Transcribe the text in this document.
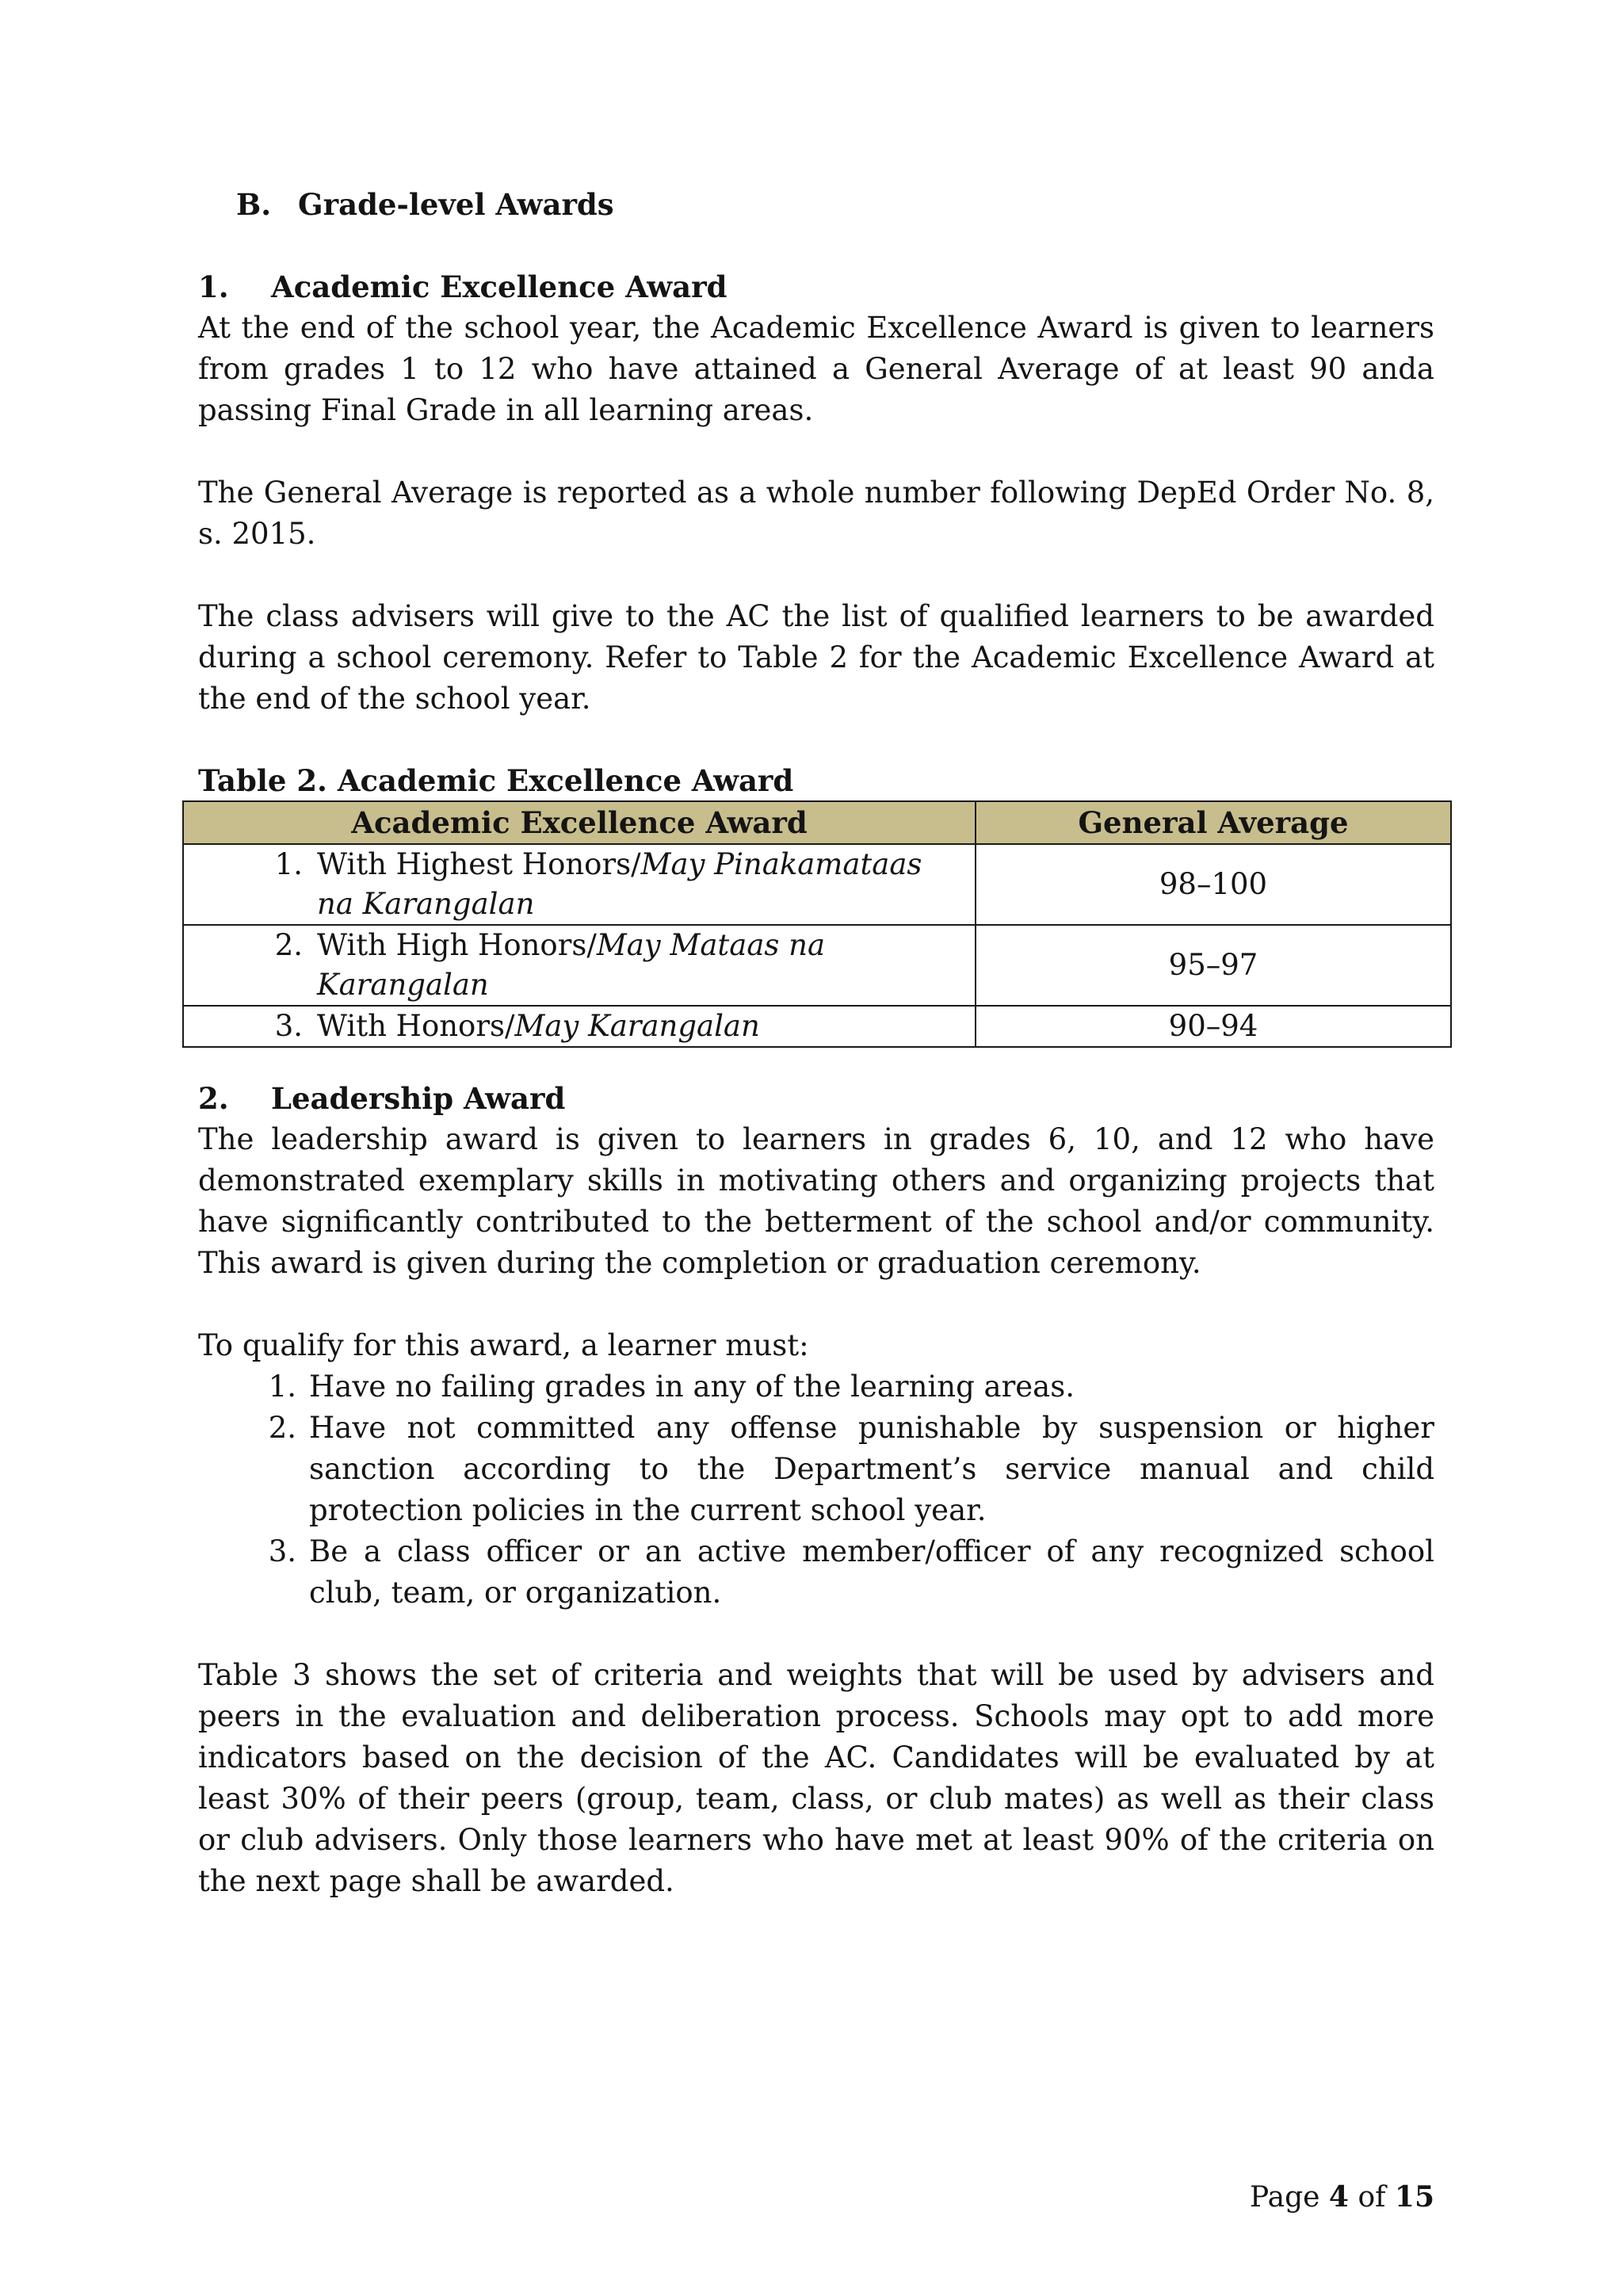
B. Grade-level Awards
1. Academic Excellence Award

At the end of the school year, the Academic Excellence Award is given to learners from grades 1 to 12 who have attained a General Average of at least 90 anda passing Final Grade in all learning areas.

The General Average is reported as a whole number following DepEd Order No. 8, s. 2015.

The class advisers will give to the AC the list of qualified learners to be awarded during a school ceremony. Refer to Table 2 for the Academic Excellence Award at the end of the school year.

Table 2. Academic Excellence Award
Academic Excellence Award	General Average

1. With Highest Honors/May Pinakamataas na Karangalan	98–100

2. With High Honors/May Mataas na Karangalan	95–97

3. With Honors/May Karangalan	90–94
2. Leadership Award

The leadership award is given to learners in grades 6, 10, and 12 who have demonstrated exemplary skills in motivating others and organizing projects that have significantly contributed to the betterment of the school and/or community. This award is given during the completion or graduation ceremony.

To qualify for this award, a learner must:

1. Have no failing grades in any of the learning areas.
2. Have not committed any offense punishable by suspension or higher sanction according to the Department’s service manual and child protection policies in the current school year.
3. Be a class officer or an active member/officer of any recognized school club, team, or organization.

Table 3 shows the set of criteria and weights that will be used by advisers and peers in the evaluation and deliberation process. Schools may opt to add more indicators based on the decision of the AC. Candidates will be evaluated by at least 30% of their peers (group, team, class, or club mates) as well as their class or club advisers. Only those learners who have met at least 90% of the criteria on the next page shall be awarded.

Page 4 of 15
